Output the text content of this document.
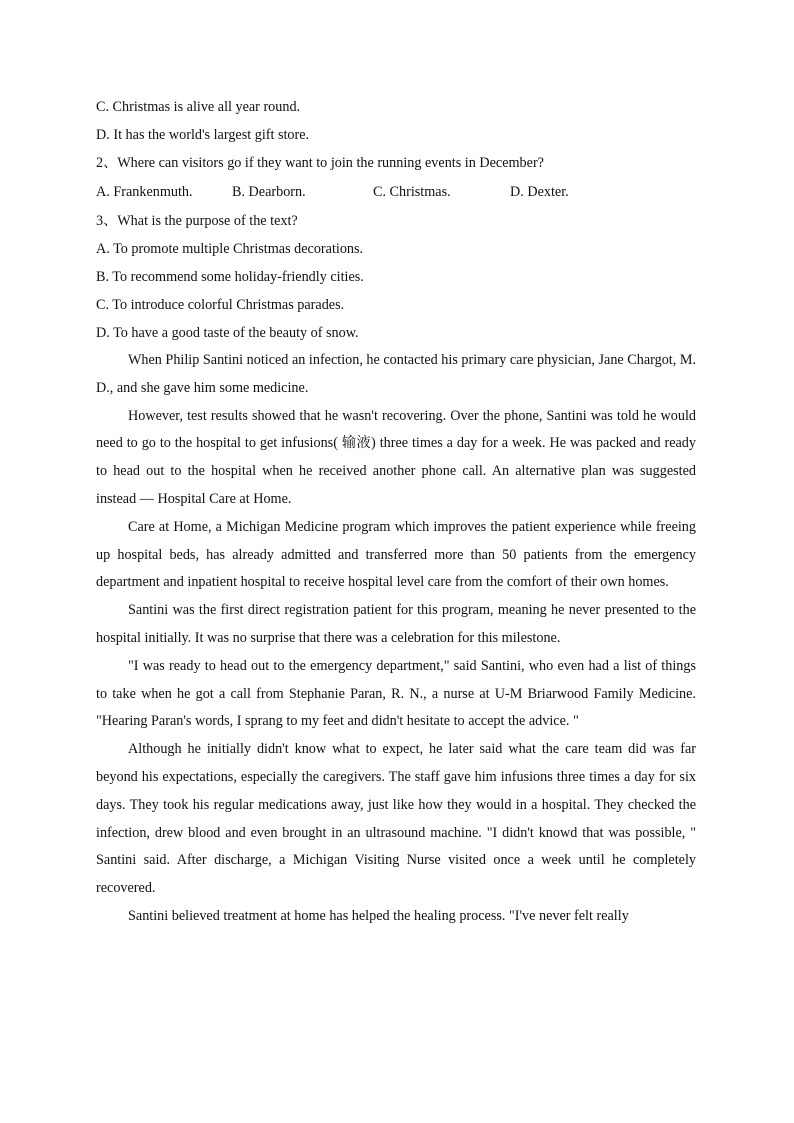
C. Christmas is alive all year round.
D. It has the world's largest gift store.
2、Where can visitors go if they want to join the running events in December?
A. Frankenmuth.	B. Dearborn.	C. Christmas.	D. Dexter.
3、What is the purpose of the text?
A. To promote multiple Christmas decorations.
B. To recommend some holiday-friendly cities.
C. To introduce colorful Christmas parades.
D. To have a good taste of the beauty of snow.

When Philip Santini noticed an infection, he contacted his primary care physician, Jane Chargot, M. D., and she gave him some medicine.

However, test results showed that he wasn't recovering. Over the phone, Santini was told he would need to go to the hospital to get infusions( 输液) three times a day for a week. He was packed and ready to head out to the hospital when he received another phone call. An alternative plan was suggested instead — Hospital Care at Home.

Care at Home, a Michigan Medicine program which improves the patient experience while freeing up hospital beds, has already admitted and transferred more than 50 patients from the emergency department and inpatient hospital to receive hospital level care from the comfort of their own homes.

Santini was the first direct registration patient for this program, meaning he never presented to the hospital initially. It was no surprise that there was a celebration for this milestone.

"I was ready to head out to the emergency department," said Santini, who even had a list of things to take when he got a call from Stephanie Paran, R. N., a nurse at U-M Briarwood Family Medicine. "Hearing Paran's words, I sprang to my feet and didn't hesitate to accept the advice. "

Although he initially didn't know what to expect, he later said what the care team did was far beyond his expectations, especially the caregivers. The staff gave him infusions three times a day for six days. They took his regular medications away, just like how they would in a hospital. They checked the infection, drew blood and even brought in an ultrasound machine. "I didn't knowd that was possible, " Santini said. After discharge, a Michigan Visiting Nurse visited once a week until he completely recovered.

Santini believed treatment at home has helped the healing process. "I've never felt really
